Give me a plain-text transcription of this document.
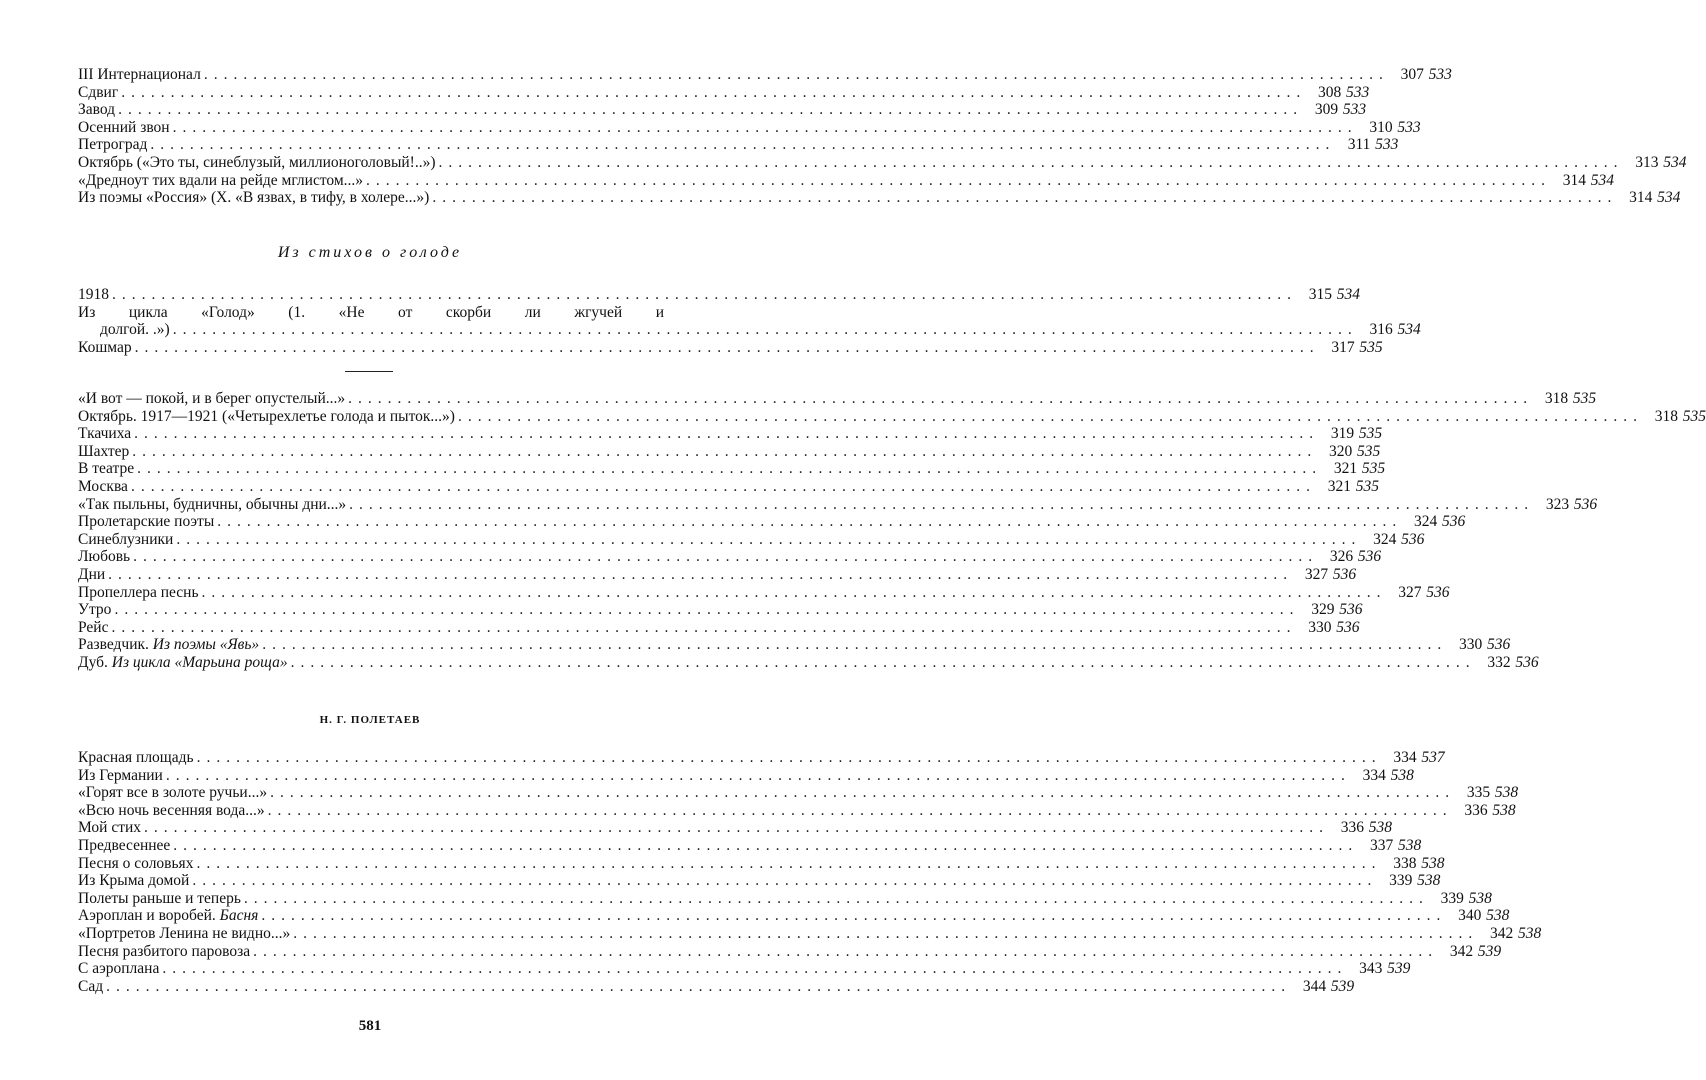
III Интернационал ........................................................................................................................ 307 533
Сдвиг ........................................................................................................................ 308 533
Завод ........................................................................................................................ 309 533
Осенний звон ........................................................................................................................ 310 533
Петроград ........................................................................................................................ 311 533
Октябрь («Это ты, синеблузый, миллионоголовый!..») ........................................................................................................................ 313 534
«Дредноут тих вдали на рейде мглистом...» ........................................................................................................................ 314 534
Из поэмы «Россия» (X. «В язвах, в тифу, в холере...») ........................................................................................................................ 314 534
Из стихов о голоде
1918 ........................................................................................................................ 315 534
Из цикла «Голод» (1. «Не от скорби ли жгучей и
долгой. .») ........................................................................................................................ 316 534
Кошмар ........................................................................................................................ 317 535
«И вот — покой, и в берег опустелый...» ........................................................................................................................ 318 535
Октябрь. 1917—1921 («Четырехлетье голода и пыток...») ........................................................................................................................ 318 535
Ткачиха ........................................................................................................................ 319 535
Шахтер ........................................................................................................................ 320 535
В театре ........................................................................................................................ 321 535
Москва ........................................................................................................................ 321 535
«Так пыльны, будничны, обычны дни...» ........................................................................................................................ 323 536
Пролетарские поэты ........................................................................................................................ 324 536
Синеблузники ........................................................................................................................ 324 536
Любовь ........................................................................................................................ 326 536
Дни ........................................................................................................................ 327 536
Пропеллера песнь ........................................................................................................................ 327 536
Утро ........................................................................................................................ 329 536
Рейс ........................................................................................................................ 330 536
Разведчик. Из поэмы «Явь» ........................................................................................................................ 330 536
Дуб. Из цикла «Марьина роща» ........................................................................................................................ 332 536
Н. Г. ПОЛЕТАЕВ
Красная площадь ........................................................................................................................ 334 537
Из Германии ........................................................................................................................ 334 538
«Горят все в золоте ручьи...» ........................................................................................................................ 335 538
«Всю ночь весенняя вода...» ........................................................................................................................ 336 538
Мой стих ........................................................................................................................ 336 538
Предвесеннее ........................................................................................................................ 337 538
Песня о соловьях ........................................................................................................................ 338 538
Из Крыма домой ........................................................................................................................ 339 538
Полеты раньше и теперь ........................................................................................................................ 339 538
Аэроплан и воробей. Басня ........................................................................................................................ 340 538
«Портретов Ленина не видно...» ........................................................................................................................ 342 538
Песня разбитого паровоза ........................................................................................................................ 342 539
С аэроплана ........................................................................................................................ 343 539
Сад ........................................................................................................................ 344 539
581
